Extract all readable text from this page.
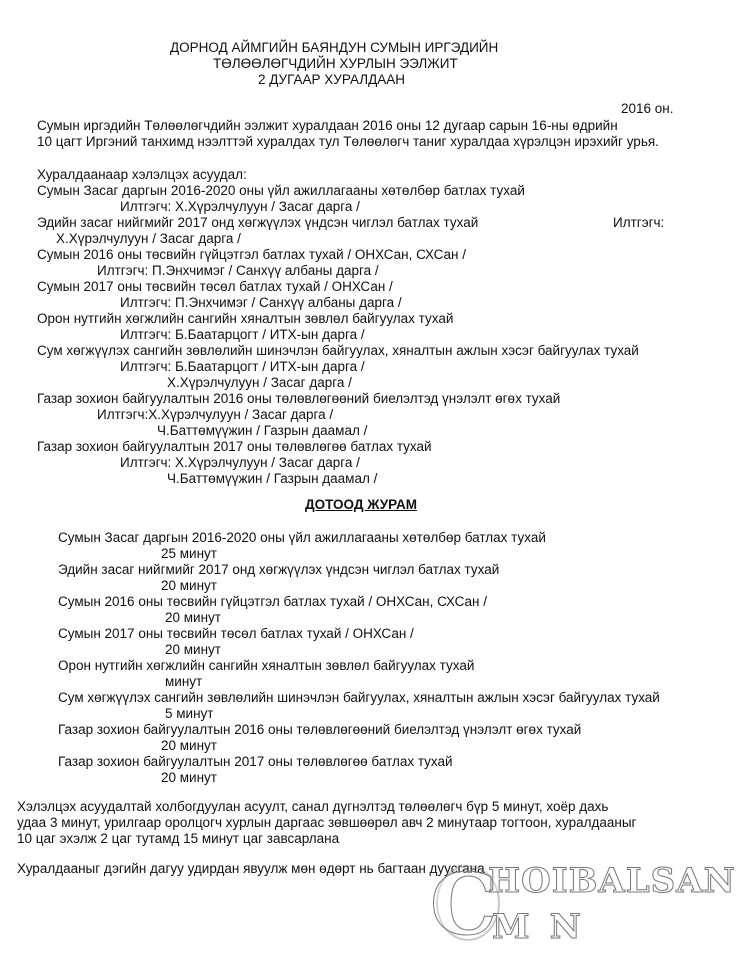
ДОРНОД АЙМГИЙН БАЯНДУН СУМЫН ИРГЭДИЙН
ТӨЛӨӨЛӨГЧДИЙН ХУРЛЫН ЭЭЛЖИТ
2 ДУГААР ХУРАЛДААН
2016 он.
Сумын иргэдийн Төлөөлөгчдийн ээлжит хуралдаан 2016 оны 12 дугаар сарын 16-ны өдрийн
10 цагт Иргэний танхимд нээлттэй хуралдах тул Төлөөлөгч таниг хуралдаа хүрэлцэн ирэхийг урья.
Хуралдаанаар хэлэлцэх асуудал:
Сумын Засаг даргын 2016-2020 оны үйл ажиллагааны хөтөлбөр батлах тухай
Илтгэгч: Х.Хүрэлчулуун / Засаг дарга /
Эдийн засаг нийгмийг 2017 онд хөгжүүлэх үндсэн чиглэл батлах тухай	Илтгэгч:
Х.Хүрэлчулуун / Засаг дарга /
Сумын 2016 оны төсвийн гүйцэтгэл батлах тухай / ОНХСан, СХСан /
Илтгэгч: П.Энхчимэг / Санхүү албаны дарга /
Сумын 2017 оны төсвийн төсөл батлах тухай / ОНХСан /
Илтгэгч: П.Энхчимэг / Санхүү албаны дарга /
Орон нутгийн хөгжлийн сангийн хяналтын зөвлөл байгуулах тухай
Илтгэгч: Б.Баатарцогт / ИТХ-ын дарга /
Сум хөгжүүлэх сангийн зөвлөлийн шинэчлэн байгуулах, хяналтын ажлын хэсэг байгуулах тухай
Илтгэгч: Б.Баатарцогт / ИТХ-ын дарга /
Х.Хүрэлчулуун / Засаг дарга /
Газар зохион байгуулалтын 2016 оны төлөвлөгөөний биелэлтэд үнэлэлт өгөх тухай
Илтгэгч:Х.Хүрэлчулуун / Засаг дарга /
Ч.Баттөмүүжин / Газрын даамал /
Газар зохион байгуулалтын 2017 оны төлөвлөгөө батлах тухай
Илтгэгч: Х.Хүрэлчулуун / Засаг дарга /
Ч.Баттөмүүжин / Газрын даамал /
ДОТООД ЖУРАМ
Сумын Засаг даргын 2016-2020 оны үйл ажиллагааны хөтөлбөр батлах тухай
25 минут
Эдийн засаг нийгмийг 2017 онд хөгжүүлэх үндсэн чиглэл батлах тухай
20 минут
Сумын 2016 оны төсвийн гүйцэтгэл батлах тухай / ОНХСан, СХСан /
20 минут
Сумын 2017 оны төсвийн төсөл батлах тухай / ОНХСан /
20 минут
Орон нутгийн хөгжлийн сангийн хяналтын зөвлөл байгуулах тухай
минут
Сум хөгжүүлэх сангийн зөвлөлийн шинэчлэн байгуулах, хяналтын ажлын хэсэг байгуулах тухай
5 минут
Газар зохион байгуулалтын 2016 оны төлөвлөгөөний биелэлтэд үнэлэлт өгөх тухай
20 минут
Газар зохион байгуулалтын 2017 оны төлөвлөгөө батлах тухай
20 минут
Хэлэлцэх асуудалтай холбогдуулан асуулт, санал дүгнэлтэд төлөөлөгч бүр 5 минут, хоёр дахь
удаа 3 минут, урилгаар оролцогч хурлын даргаас зөвшөөрөл авч 2 минутаар тогтоон, хуралдааныг
10 цаг эхэлж 2 цаг тутамд 15 минут цаг завсарлана
Хуралдааныг дэгийн дагуу удирдан явуулж мөн өдөрт нь багтаан дуусгана
C
HOIBALSAN
MN
